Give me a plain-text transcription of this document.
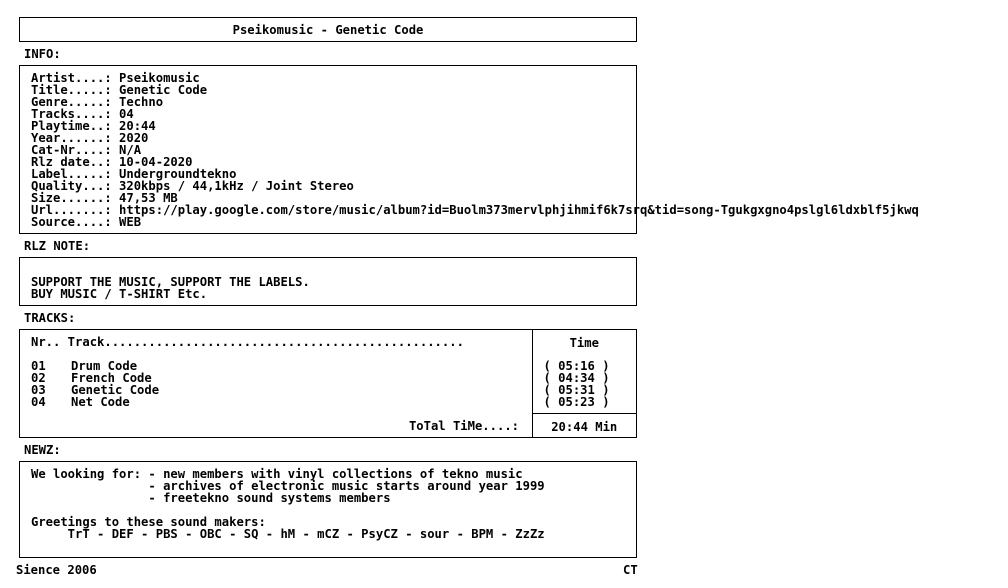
Pseikomusic - Genetic Code
INFO:
Artist....: Pseikomusic
Title.....: Genetic Code
Genre.....: Techno
Tracks....: 04
Playtime..: 20:44
Year......: 2020
Cat-Nr....: N/A
Rlz date..: 10-04-2020
Label.....: Undergroundtekno
Quality...: 320kbps / 44,1kHz / Joint Stereo
Size......: 47,53 MB
Url.......: https://play.google.com/store/music/album?id=Buolm373mervlphjihmif6k7srq&tid=song-Tgukgxgno4pslgl6ldxblf5jkwq
Source....: WEB
RLZ NOTE:
SUPPORT THE MUSIC, SUPPORT THE LABELS.
BUY MUSIC / T-SHIRT Etc.
TRACKS:
Nr.. Track.................................................
01 Drum Code
02 French Code
03 Genetic Code
04 Net Code
ToTal TiMe....:
Time
( 05:16 )
( 04:34 )
( 05:31 )
( 05:23 )
20:44 Min
NEWZ:
We looking for: - new members with vinyl collections of tekno music
- archives of electronic music starts around year 1999
- freetekno sound systems members
Greetings to these sound makers:
TrT - DEF - PBS - OBC - SQ - hM - mCZ - PsyCZ - sour - BPM - ZzZz
Sience 2006	CT
